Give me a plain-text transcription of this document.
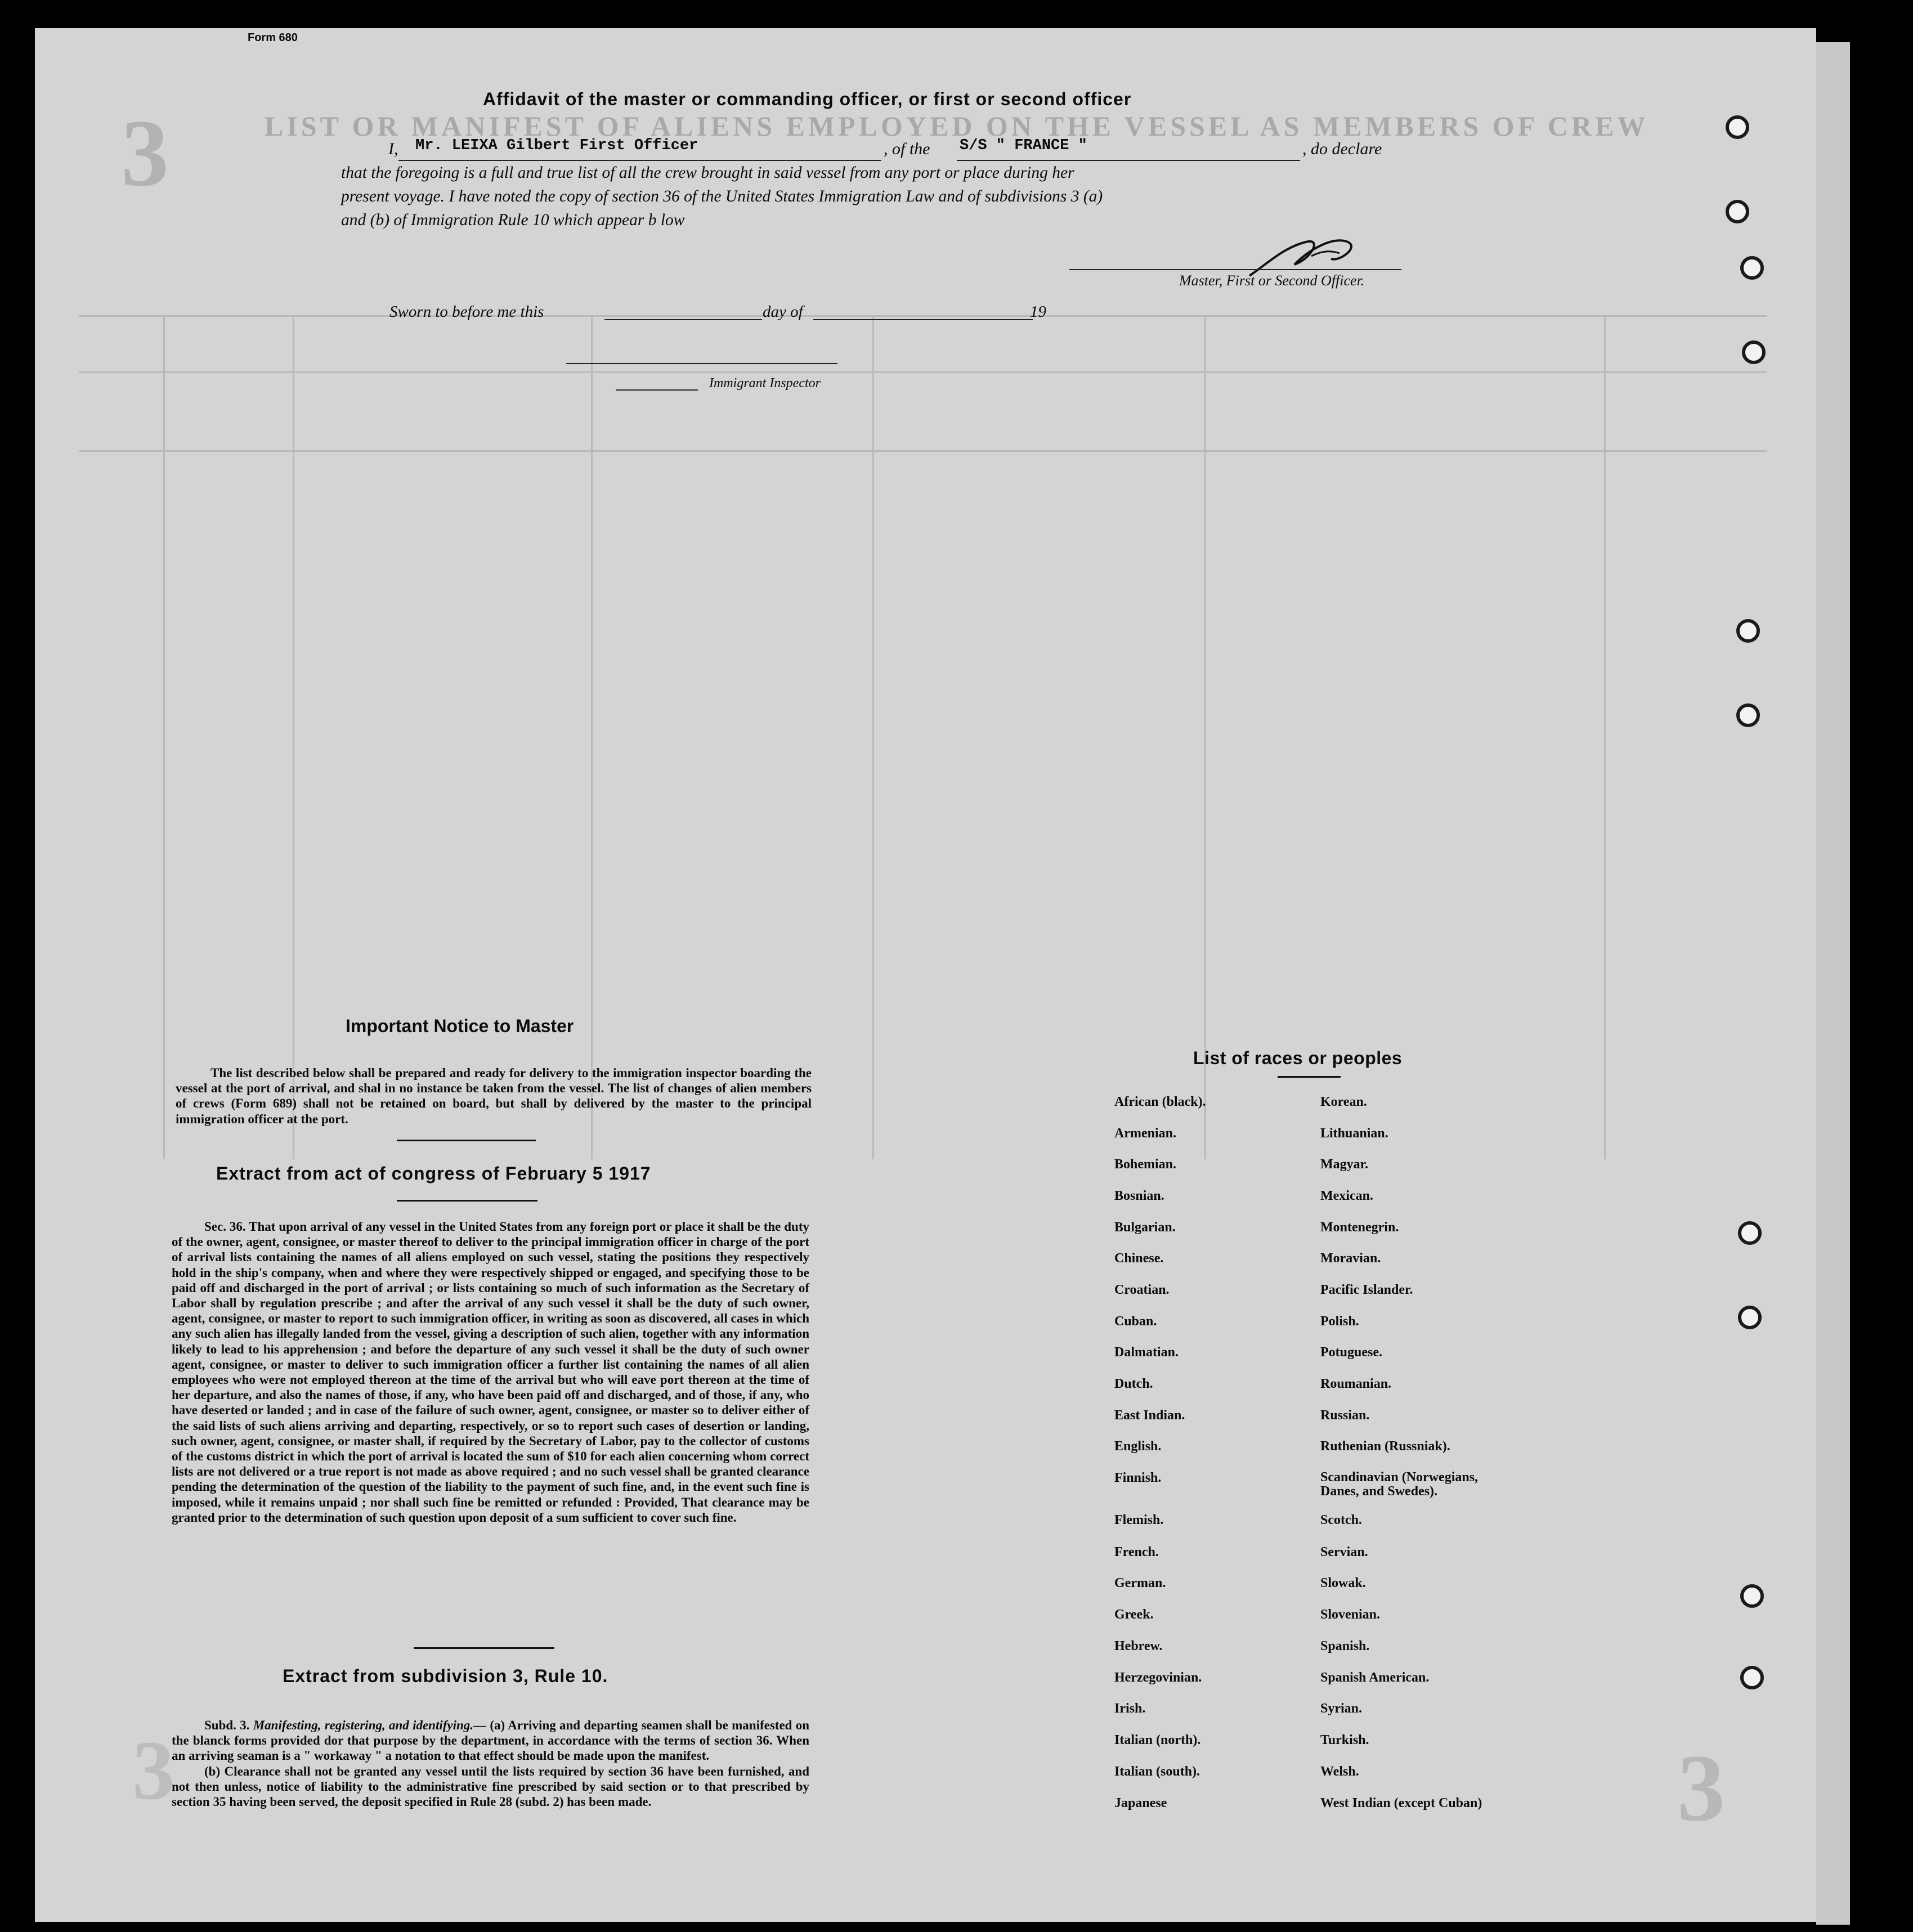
LIST OR MANIFEST OF ALIENS EMPLOYED ON THE VESSEL AS MEMBERS OF CREW
3
3
3
Form 680
Affidavit of the master or commanding officer, or first or second officer
I, Mr. LEIXA Gilbert First Officer	, of the S/S " FRANCE "	, do declare
that the foregoing is a full and true list of all the crew brought in said vessel from any port or place during her
present voyage. I have noted the copy of section 36 of the United States Immigration Law and of subdivisions 3 (a)
and (b) of Immigration Rule 10 which appear b low
Master, First or Second Officer.
Sworn to before me this	day of	19
Immigrant Inspector
Important Notice to Master

The list described below shall be prepared and ready for delivery to the immigration inspector boarding the vessel at the port of arrival, and shal in no instance be taken from the vessel. The list of changes of alien members of crews (Form 689) shall not be retained on board, but shall by delivered by the master to the principal immigration officer at the port.

Extract from act of congress of February 5 1917

Sec. 36. That upon arrival of any vessel in the United States from any foreign port or place it shall be the duty of the owner, agent, consignee, or master thereof to deliver to the principal immigration officer in charge of the port of arrival lists containing the names of all aliens employed on such vessel, stating the positions they respectively hold in the ship's company, when and where they were respectively shipped or engaged, and specifying those to be paid off and discharged in the port of arrival ; or lists containing so much of such information as the Secretary of Labor shall by regulation prescribe ; and after the arrival of any such vessel it shall be the duty of such owner, agent, consignee, or master to report to such immigration officer, in writing as soon as discovered, all cases in which any such alien has illegally landed from the vessel, giving a description of such alien, together with any information likely to lead to his apprehension ; and before the departure of any such vessel it shall be the duty of such owner agent, consignee, or master to deliver to such immigration officer a further list containing the names of all alien employees who were not employed thereon at the time of the arrival but who will eave port thereon at the time of her departure, and also the names of those, if any, who have been paid off and discharged, and of those, if any, who have deserted or landed ; and in case of the failure of such owner, agent, consignee, or master so to deliver either of the said lists of such aliens arriving and departing, respectively, or so to report such cases of desertion or landing, such owner, agent, consignee, or master shall, if required by the Secretary of Labor, pay to the collector of customs of the customs district in which the port of arrival is located the sum of $10 for each alien concerning whom correct lists are not delivered or a true report is not made as above required ; and no such vessel shall be granted clearance pending the determination of the question of the liability to the payment of such fine, and, in the event such fine is imposed, while it remains unpaid ; nor shall such fine be remitted or refunded : Provided, That clearance may be granted prior to the determination of such question upon deposit of a sum sufficient to cover such fine.

Extract from subdivision 3, Rule 10.

Subd. 3. Manifesting, registering, and identifying.— (a) Arriving and departing seamen shall be manifested on the blanck forms provided dor that purpose by the department, in accordance with the terms of section 36. When an arriving seaman is a " workaway " a notation to that effect should be made upon the manifest.

(b) Clearance shall not be granted any vessel until the lists required by section 36 have been furnished, and not then unless, notice of liability to the administrative fine prescribed by said section or to that prescribed by section 35 having been served, the deposit specified in Rule 28 (subd. 2) has been made.

List of races or peoples
African (black).
Armenian.
Bohemian.
Bosnian.
Bulgarian.
Chinese.
Croatian.
Cuban.
Dalmatian.
Dutch.
East Indian.
English.
Finnish.
Flemish.
French.
German.
Greek.
Hebrew.
Herzegovinian.
Irish.
Italian (north).
Italian (south).
Japanese
Korean.
Lithuanian.
Magyar.
Mexican.
Montenegrin.
Moravian.
Pacific Islander.
Polish.
Potuguese.
Roumanian.
Russian.
Ruthenian (Russniak).
Scandinavian (Norwegians, Danes, and Swedes).
Scotch.
Servian.
Slowak.
Slovenian.
Spanish.
Spanish American.
Syrian.
Turkish.
Welsh.
West Indian (except Cuban)
